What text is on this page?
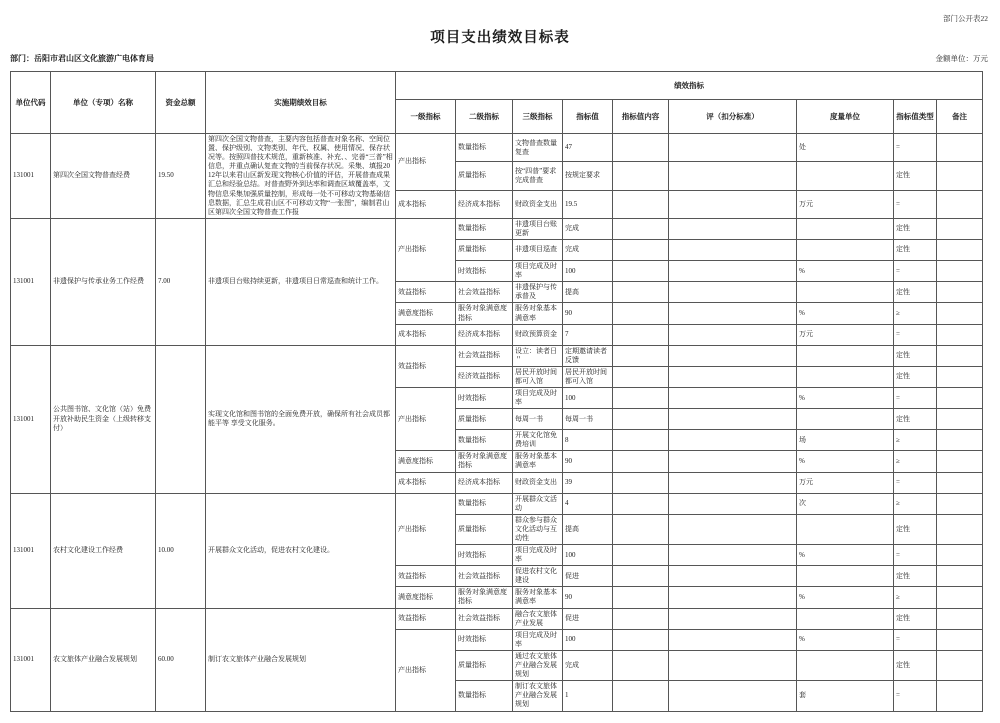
部门公开表22
项目支出绩效目标表
部门：岳阳市君山区文化旅游广电体育局	金额单位：万元
单位代码	单位（专项）名称	资金总额	实施期绩效目标	绩效指标								
				一级指标	二级指标	三级指标	指标值	指标值内容	评（扣分标准）	度量单位	指标值类型	备注
131001	第四次全国文物普查经费	19.50	第四次全国文物普查，主要内容包括普查对象名称、空间位置、保护级别、文物类别、年代、权属、使用情况、保存状况等。按照四普技术规范，重新核准、补充、、完善“三普”相信息，并重点确认复查文物的当前保存状况。采集、填报2012年以来君山区新发现文物核心价值的评估，开展普查成果汇总和经验总结。对普查野外到达率和调查区域覆盖率，文物信息采集加强质量控制，形成每一处不可移动文物基础信息数据，汇总生成君山区不可移动文物“一张图”，编制君山区第四次全国文物普查工作报	产出指标	数量指标	文物普查数量复查	47			处	=	
					质量指标	按“四普”要求完成普查	按规定要求				定性	
				成本指标	经济成本指标	财政资金支出	19.5			万元	=	
131001	非遗保护与传承业务工作经费	7.00	非遗项目台账持续更新，非遗项目日常巡查和统计工作。	产出指标	数量指标	非遗项目台账更新	完成				定性	
					质量指标	非遗项目巡查	完成				定性	
					时效指标	项目完成及时率	100			%	=	
				效益指标	社会效益指标	非遗保护与传承普及	提高				定性	
				满意度指标	服务对象满意度指标	服务对象基本满意率	90			%	≥	
				成本指标	经济成本指标	财政预算资金	7			万元	=	
131001	公共图书馆、文化馆（站）免费开放补助民生资金（上级转移支付）		实现文化馆和图书馆的全面免费开放，确保所有社会成员都能平等 享受文化服务。	效益指标	社会效益指标	设立：读者日＂	定期邀请读者反馈				定性	
					经济效益指标	居民开放时间都可入馆	居民开放时间都可入馆				定性	
				产出指标	时效指标	项目完成及时率	100			%	=	
					质量指标	每周一书	每周一书				定性	
					数量指标	开展文化馆免费培训	8			场	≥	
				满意度指标	服务对象满意度指标	服务对象基本满意率	90			%	≥	
				成本指标	经济成本指标	财政资金支出	39			万元	=	
131001	农村文化建设工作经费	10.00	开展群众文化活动，促进农村文化建设。	产出指标	数量指标	开展群众文活动	4			次	≥	
					质量指标	群众参与群众文化活动与互动性	提高				定性	
					时效指标	项目完成及时率	100			%	=	
				效益指标	社会效益指标	促进农村文化建设	促进				定性	
				满意度指标	服务对象满意度指标	服务对象基本满意率	90			%	≥	
131001	农文旅体产业融合发展规划	60.00	制订农文旅体产业融合发展规划	效益指标	社会效益指标	融合农文旅体产业发展	促进				定性	
				产出指标	时效指标	项目完成及时率	100			%	=	
					质量指标	通过农文旅体产业融合发展规划	完成				定性	
					数量指标	制订农文旅体产业融合发展规划	1			套	=	
